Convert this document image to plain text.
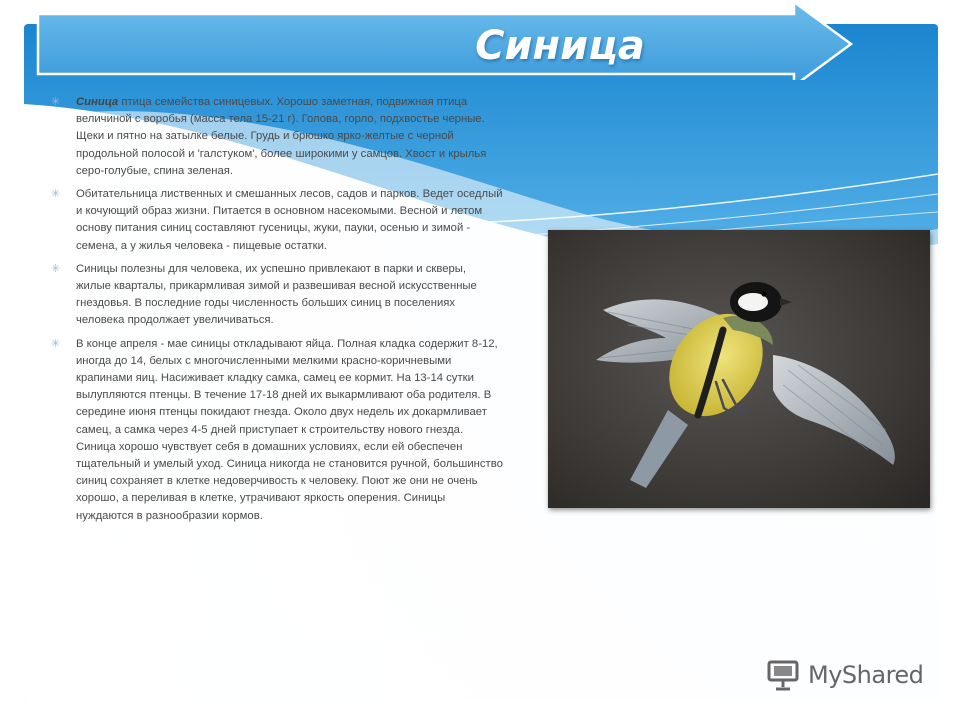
Синица
✳ Синица птица семейства синицевых. Хорошо заметная, подвижная птица величиной с воробья (масса тела 15-21 г). Голова, горло, подхвостье черные. Щеки и пятно на затылке белые. Грудь и брюшко ярко-желтые с черной продольной полосой и 'галстуком', более широкими у самцов. Хвост и крылья серо-голубые, спина зеленая.
✳ Обитательница лиственных и смешанных лесов, садов и парков. Ведет оседлый и кочующий образ жизни. Питается в основном насекомыми. Весной и летом основу питания синиц составляют гусеницы, жуки, пауки, осенью и зимой - семена, а у жилья человека - пищевые остатки.
✳ Синицы полезны для человека, их успешно привлекают в парки и скверы, жилые кварталы, прикармливая зимой и развешивая весной искусственные гнездовья. В последние годы численность больших синиц в поселениях человека продолжает увеличиваться.
✳ В конце апреля - мае синицы откладывают яйца. Полная кладка содержит 8-12, иногда до 14, белых с многочисленными мелкими красно-коричневыми крапинами яиц. Насиживает кладку самка, самец ее кормит. На 13-14 сутки вылупляются птенцы. В течение 17-18 дней их выкармливают оба родителя. В середине июня птенцы покидают гнезда. Около двух недель их докармливает самец, а самка через 4-5 дней приступает к строительству нового гнезда. Синица хорошо чувствует себя в домашних условиях, если ей обеспечен тщательный и умелый уход. Синица никогда не становится ручной, большинство синиц сохраняет в клетке недоверчивость к человеку. Поют же они не очень хорошо, а переливая в клетке, утрачивают яркость оперения. Синицы нуждаются в разнообразии кормов.
MyShared
